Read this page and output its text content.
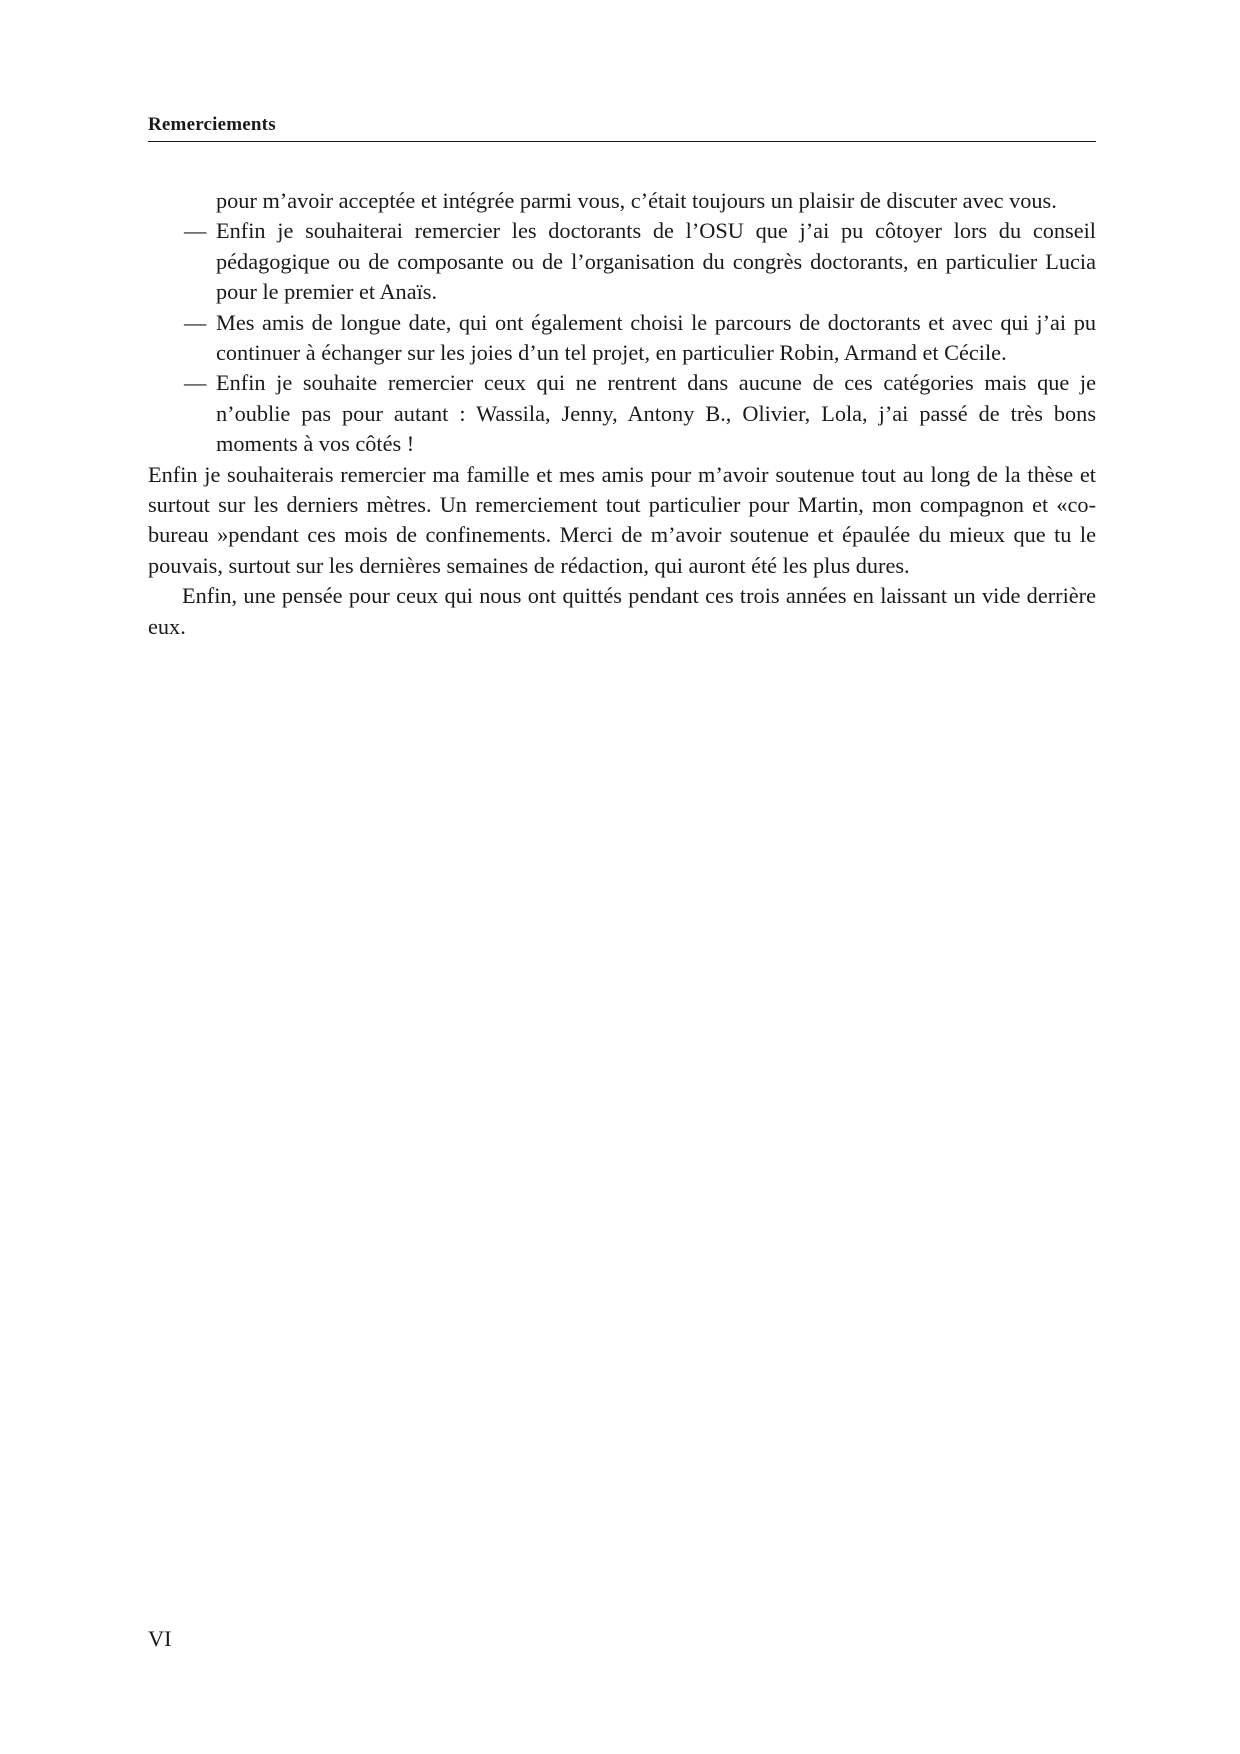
Remerciements

pour m’avoir acceptée et intégrée parmi vous, c’était toujours un plaisir de discuter avec vous.

— Enfin je souhaiterai remercier les doctorants de l’OSU que j’ai pu côtoyer lors du conseil pédagogique ou de composante ou de l’organisation du congrès doctorants, en particulier Lucia pour le premier et Anaïs.
— Mes amis de longue date, qui ont également choisi le parcours de doctorants et avec qui j’ai pu continuer à échanger sur les joies d’un tel projet, en particulier Robin, Armand et Cécile.
— Enfin je souhaite remercier ceux qui ne rentrent dans aucune de ces catégories mais que je n’oublie pas pour autant : Wassila, Jenny, Antony B., Olivier, Lola, j’ai passé de très bons moments à vos côtés !

Enfin je souhaiterais remercier ma famille et mes amis pour m’avoir soutenue tout au long de la thèse et surtout sur les derniers mètres. Un remerciement tout particulier pour Martin, mon compagnon et «co-bureau »pendant ces mois de confinements. Merci de m’avoir soutenue et épaulée du mieux que tu le pouvais, surtout sur les dernières semaines de rédaction, qui auront été les plus dures.

Enfin, une pensée pour ceux qui nous ont quittés pendant ces trois années en laissant un vide derrière eux.

VI
